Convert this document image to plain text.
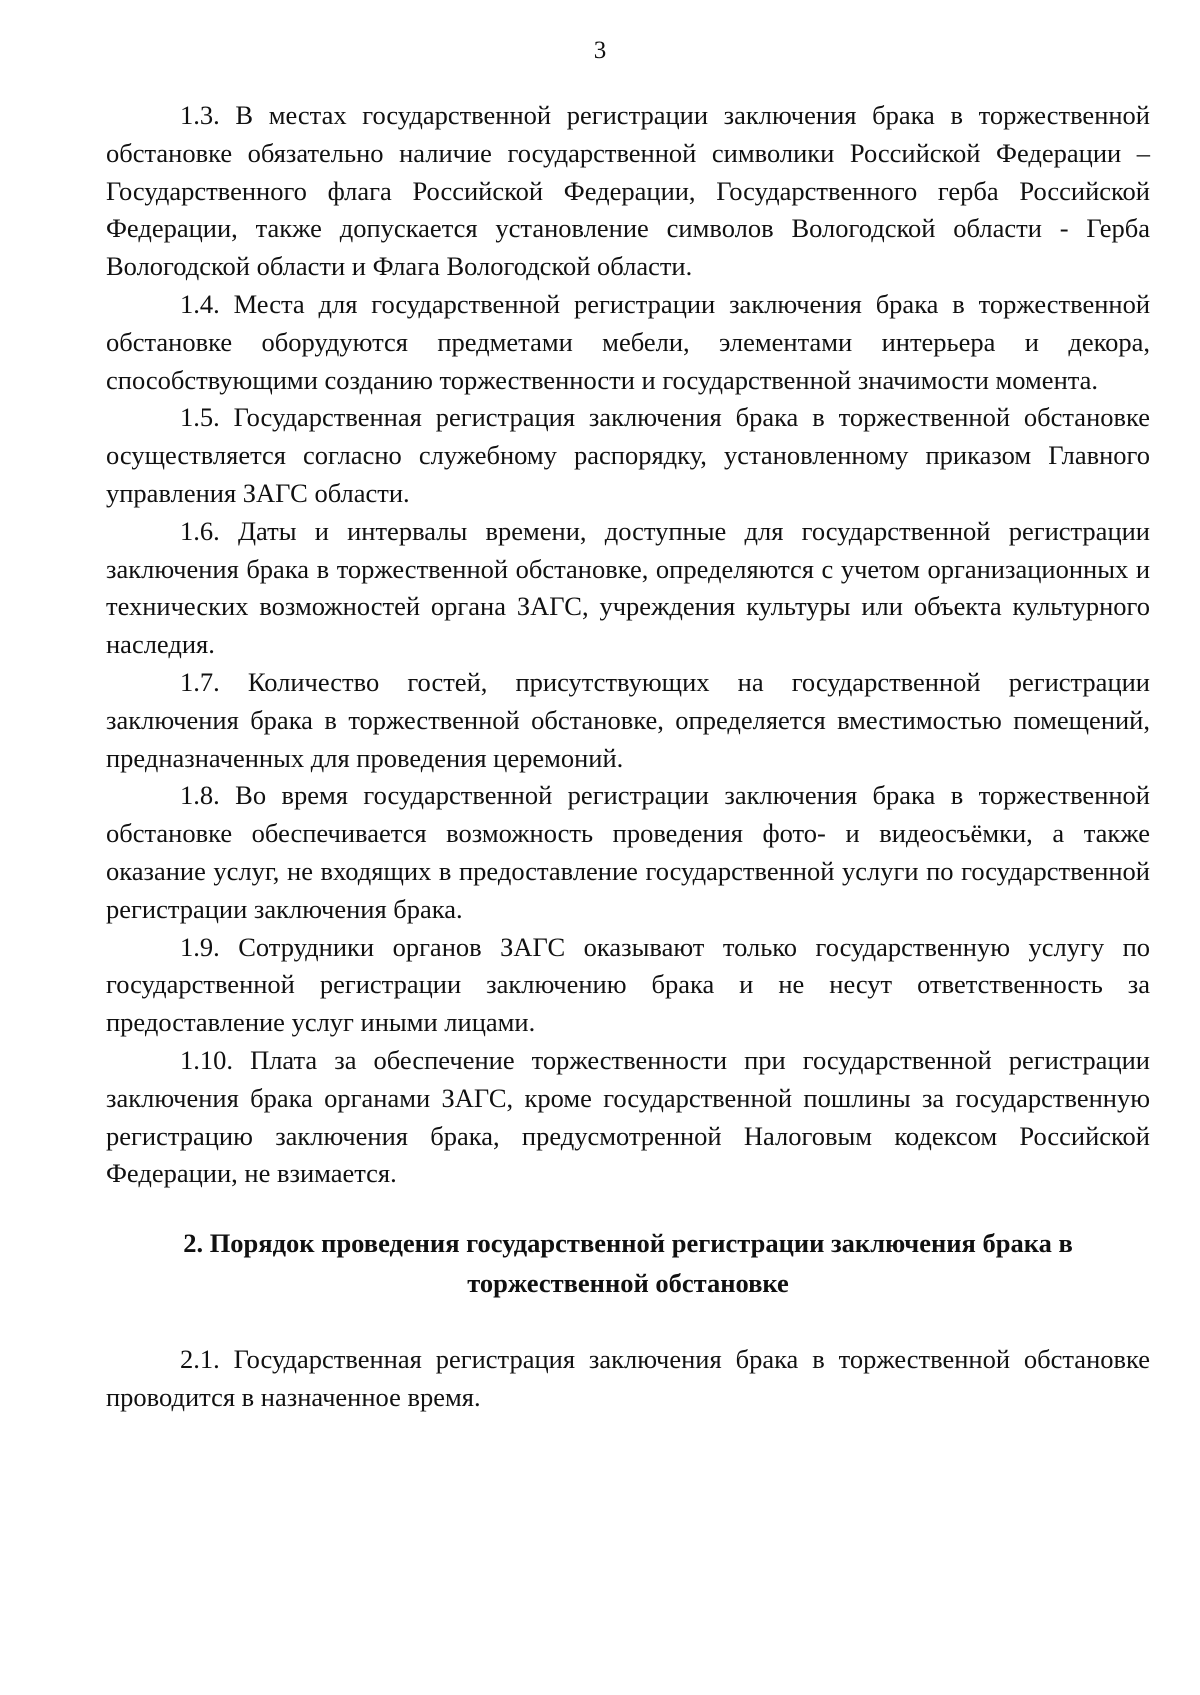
3

1.3. В местах государственной регистрации заключения брака в торжественной обстановке обязательно наличие государственной символики Российской Федерации – Государственного флага Российской Федерации, Государственного герба Российской Федерации, также допускается установление символов Вологодской области - Герба Вологодской области и Флага Вологодской области.

1.4. Места для государственной регистрации заключения брака в торжественной обстановке оборудуются предметами мебели, элементами интерьера и декора, способствующими созданию торжественности и государственной значимости момента.

1.5. Государственная регистрация заключения брака в торжественной обстановке осуществляется согласно служебному распорядку, установленному приказом Главного управления ЗАГС области.

1.6. Даты и интервалы времени, доступные для государственной регистрации заключения брака в торжественной обстановке, определяются с учетом организационных и технических возможностей органа ЗАГС, учреждения культуры или объекта культурного наследия.

1.7. Количество гостей, присутствующих на государственной регистрации заключения брака в торжественной обстановке, определяется вместимостью помещений, предназначенных для проведения церемоний.

1.8. Во время государственной регистрации заключения брака в торжественной обстановке обеспечивается возможность проведения фото- и видеосъёмки, а также оказание услуг, не входящих в предоставление государственной услуги по государственной регистрации заключения брака.

1.9. Сотрудники органов ЗАГС оказывают только государственную услугу по государственной регистрации заключению брака и не несут ответственность за предоставление услуг иными лицами.

1.10. Плата за обеспечение торжественности при государственной регистрации заключения брака органами ЗАГС, кроме государственной пошлины за государственную регистрацию заключения брака, предусмотренной Налоговым кодексом Российской Федерации, не взимается.

2. Порядок проведения государственной регистрации заключения брака в
торжественной обстановке

2.1. Государственная регистрация заключения брака в торжественной обстановке проводится в назначенное время.
